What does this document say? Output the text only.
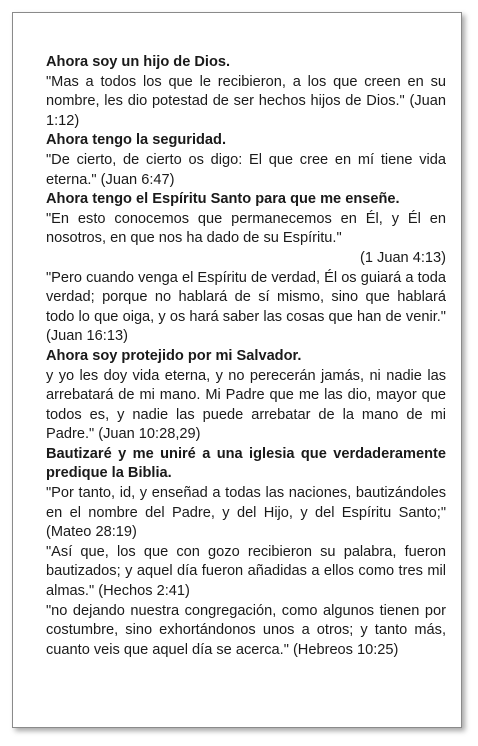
Ahora soy un hijo de Dios.

"Mas a todos los que le recibieron, a los que creen en su nombre, les dio potestad de ser hechos hijos de Dios." (Juan 1:12)

Ahora tengo la seguridad.

"De cierto, de cierto os digo: El que cree en mí tiene vida eterna." (Juan 6:47)

Ahora tengo el Espíritu Santo para que me enseñe.

"En esto conocemos que permanecemos en Él, y Él en nosotros, en que nos ha dado de su Espíritu."

(1 Juan 4:13)

"Pero cuando venga el Espíritu de verdad, Él os guiará a toda verdad; porque no hablará de sí mismo, sino que hablará todo lo que oiga, y os hará saber las cosas que han de venir." (Juan 16:13)

Ahora soy protejido por mi Salvador.

y yo les doy vida eterna, y no perecerán jamás, ni nadie las arrebatará de mi mano. Mi Padre que me las dio, mayor que todos es, y nadie las puede arrebatar de la mano de mi Padre." (Juan 10:28,29)

Bautizaré y me uniré a una iglesia que verdaderamente predique la Biblia.

"Por tanto, id, y enseñad a todas las naciones, bautizándoles en el nombre del Padre, y del Hijo, y del Espíritu Santo;" (Mateo 28:19)

"Así que, los que con gozo recibieron su palabra, fueron bautizados; y aquel día fueron añadidas a ellos como tres mil almas." (Hechos 2:41)

"no dejando nuestra congregación, como algunos tienen por costumbre, sino exhortándonos unos a otros; y tanto más, cuanto veis que aquel día se acerca." (Hebreos 10:25)
